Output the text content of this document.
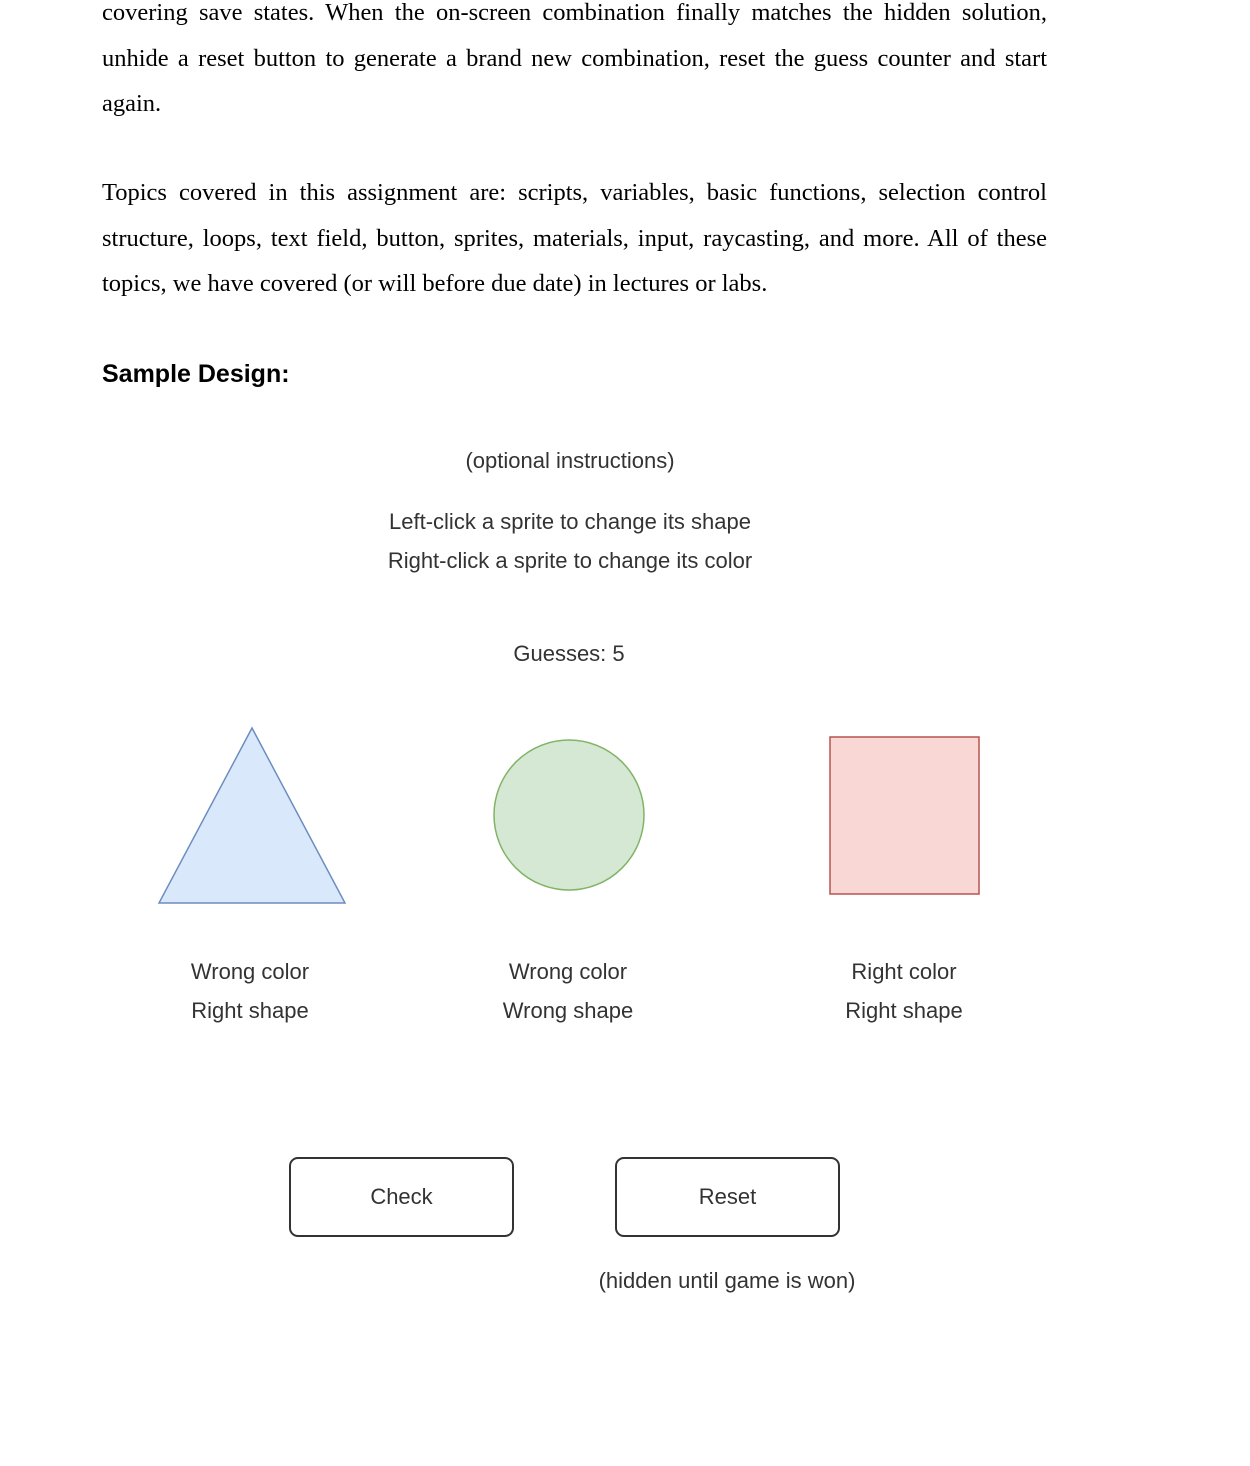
covering save states. When the on-screen combination finally matches the hidden solution, unhide a reset button to generate a brand new combination, reset the guess counter and start again.

Topics covered in this assignment are: scripts, variables, basic functions, selection control structure, loops, text field, button, sprites, materials, input, raycasting, and more. All of these topics, we have covered (or will before due date) in lectures or labs.

Sample Design:
(optional instructions)
Left-click a sprite to change its shape
Right-click a sprite to change its color
Guesses: 5
Wrong color
Right shape
Wrong color
Wrong shape
Right color
Right shape
Check	Reset
(hidden until game is won)
